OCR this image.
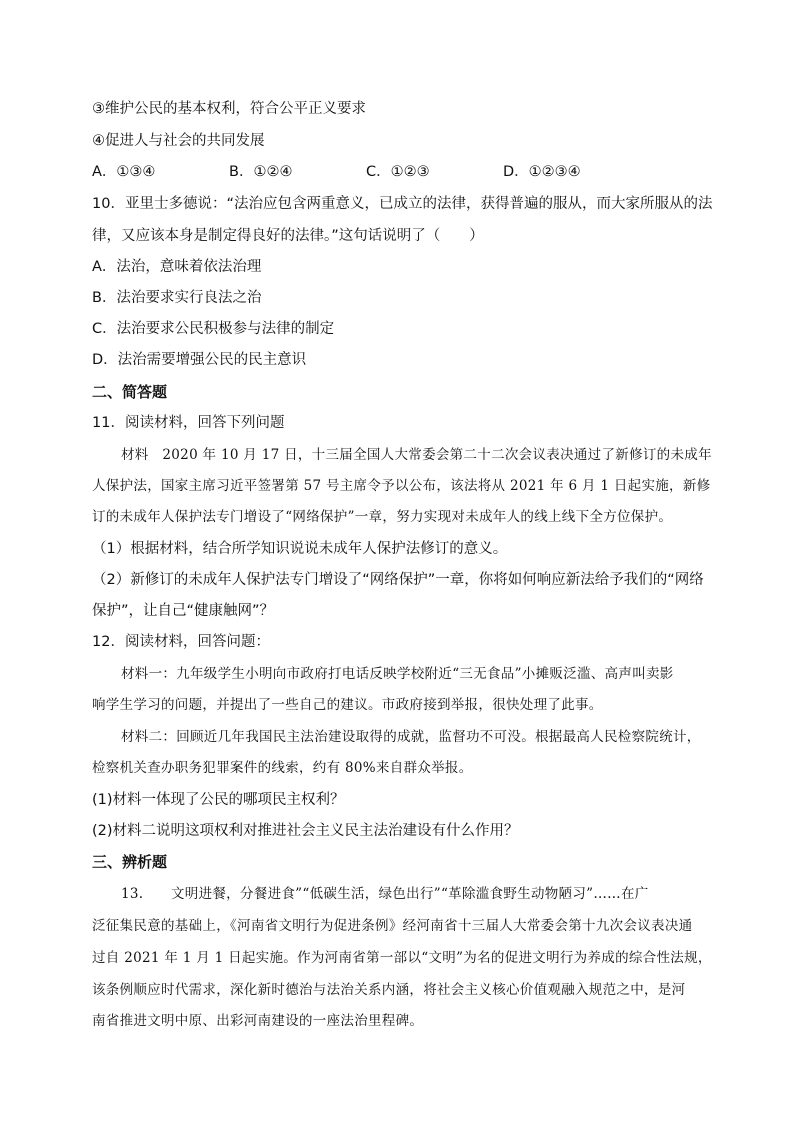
③维护公民的基本权利，符合公平正义要求
④促进人与社会的共同发展
A．①③④	B．①②④	C．①②③	D．①②③④
10．亚里士多德说：“法治应包含两重意义，已成立的法律，获得普遍的服从，而大家所服从的法
律，又应该本身是制定得良好的法律。”这句话说明了（　　）
A．法治，意味着依法治理
B．法治要求实行良法之治
C．法治要求公民积极参与法律的制定
D．法治需要增强公民的民主意识
二、简答题
11．阅读材料，回答下列问题
材料　2020 年 10 月 17 日，十三届全国人大常委会第二十二次会议表决通过了新修订的未成年
人保护法，国家主席习近平签署第 57 号主席令予以公布，该法将从 2021 年 6 月 1 日起实施，新修
订的未成年人保护法专门增设了“网络保护”一章，努力实现对未成年人的线上线下全方位保护。
（1）根据材料，结合所学知识说说未成年人保护法修订的意义。
（2）新修订的未成年人保护法专门增设了“网络保护”一章，你将如何响应新法给予我们的“网络
保护”，让自己“健康触网”？
12．阅读材料，回答问题：
材料一：九年级学生小明向市政府打电话反映学校附近“三无食品”小摊贩泛滥、高声叫卖影
响学生学习的问题，并提出了一些自己的建议。市政府接到举报，很快处理了此事。
材料二：回顾近几年我国民主法治建设取得的成就，监督功不可没。根据最高人民检察院统计，
检察机关查办职务犯罪案件的线索，约有 80%来自群众举报。
(1)材料一体现了公民的哪项民主权利？
(2)材料二说明这项权利对推进社会主义民主法治建设有什么作用？
三、辨析题
13.　　文明进餐，分餐进食”“低碳生活，绿色出行”“革除滥食野生动物陋习”……在广
泛征集民意的基础上，《河南省文明行为促进条例》经河南省十三届人大常委会第十九次会议表决通
过自 2021 年 1 月 1 日起实施。作为河南省第一部以“文明”为名的促进文明行为养成的综合性法规，
该条例顺应时代需求，深化新时德治与法治关系内涵，将社会主义核心价值观融入规范之中，是河
南省推进文明中原、出彩河南建设的一座法治里程碑。
